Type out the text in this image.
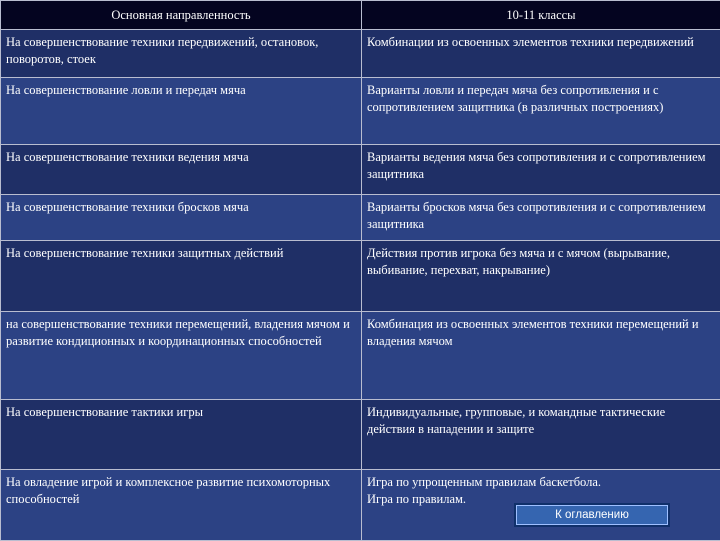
Основная направленность	10-11 классы
На совершенствование техники передвижений, остановок, поворотов, стоек	Комбинации из освоенных элементов техники передвижений
На совершенствование ловли и передач мяча	Варианты ловли и передач мяча без сопротивления и с сопротивлением защитника (в различных построениях)
На совершенствование техники ведения мяча	Варианты ведения мяча без сопротивления и с сопротивлением защитника
На совершенствование техники бросков мяча	Варианты бросков мяча без сопротивления и с сопротивлением защитника
На совершенствование техники защитных действий	Действия против игрока без мяча и с мячом (вырывание, выбивание, перехват, накрывание)
на совершенствование техники перемещений, владения мячом и развитие кондиционных и координационных способностей	Комбинация из освоенных элементов техники перемещений и владения мячом
На совершенствование тактики игры	Индивидуальные, групповые, и командные тактические действия в нападении и защите
На овладение игрой и комплексное развитие психомоторных способностей	Игра по упрощенным правилам баскетбола.
Игра по правилам.
К оглавлению
